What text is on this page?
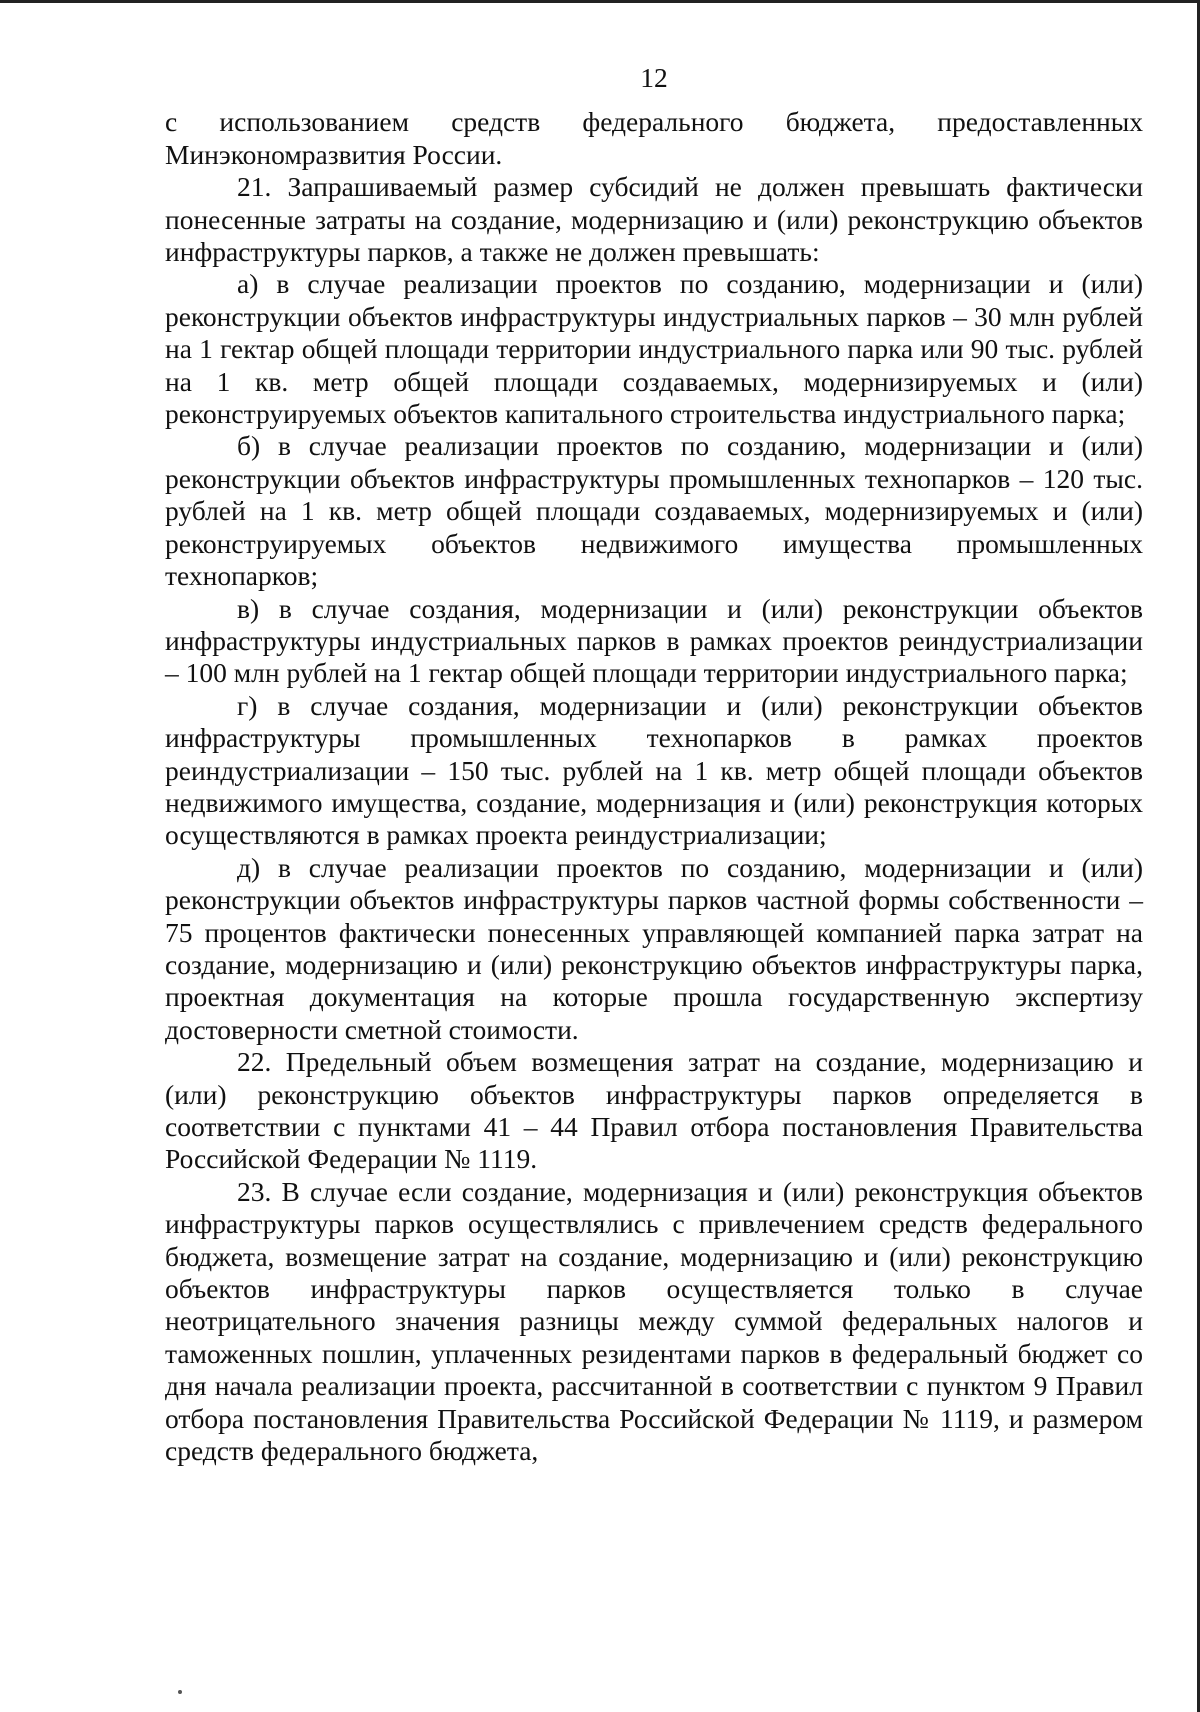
12

с использованием средств федерального бюджета, предоставленных Минэкономразвития России.

21. Запрашиваемый размер субсидий не должен превышать фактически понесенные затраты на создание, модернизацию и (или) реконструкцию объектов инфраструктуры парков, а также не должен превышать:

а) в случае реализации проектов по созданию, модернизации и (или) реконструкции объектов инфраструктуры индустриальных парков – 30 млн рублей на 1 гектар общей площади территории индустриального парка или 90 тыс. рублей на 1 кв. метр общей площади создаваемых, модернизируемых и (или) реконструируемых объектов капитального строительства индустриального парка;

б) в случае реализации проектов по созданию, модернизации и (или) реконструкции объектов инфраструктуры промышленных технопарков – 120 тыс. рублей на 1 кв. метр общей площади создаваемых, модернизируемых и (или) реконструируемых объектов недвижимого имущества промышленных технопарков;

в) в случае создания, модернизации и (или) реконструкции объектов инфраструктуры индустриальных парков в рамках проектов реиндустриализации – 100 млн рублей на 1 гектар общей площади территории индустриального парка;

г) в случае создания, модернизации и (или) реконструкции объектов инфраструктуры промышленных технопарков в рамках проектов реиндустриализации – 150 тыс. рублей на 1 кв. метр общей площади объектов недвижимого имущества, создание, модернизация и (или) реконструкция которых осуществляются в рамках проекта реиндустриализации;

д) в случае реализации проектов по созданию, модернизации и (или) реконструкции объектов инфраструктуры парков частной формы собственности – 75 процентов фактически понесенных управляющей компанией парка затрат на создание, модернизацию и (или) реконструкцию объектов инфраструктуры парка, проектная документация на которые прошла государственную экспертизу достоверности сметной стоимости.

22. Предельный объем возмещения затрат на создание, модернизацию и (или) реконструкцию объектов инфраструктуры парков определяется в соответствии с пунктами 41 – 44 Правил отбора постановления Правительства Российской Федерации № 1119.

23. В случае если создание, модернизация и (или) реконструкция объектов инфраструктуры парков осуществлялись с привлечением средств федерального бюджета, возмещение затрат на создание, модернизацию и (или) реконструкцию объектов инфраструктуры парков осуществляется только в случае неотрицательного значения разницы между суммой федеральных налогов и таможенных пошлин, уплаченных резидентами парков в федеральный бюджет со дня начала реализации проекта, рассчитанной в соответствии с пунктом 9 Правил отбора постановления Правительства Российской Федерации № 1119, и размером средств федерального бюджета,
